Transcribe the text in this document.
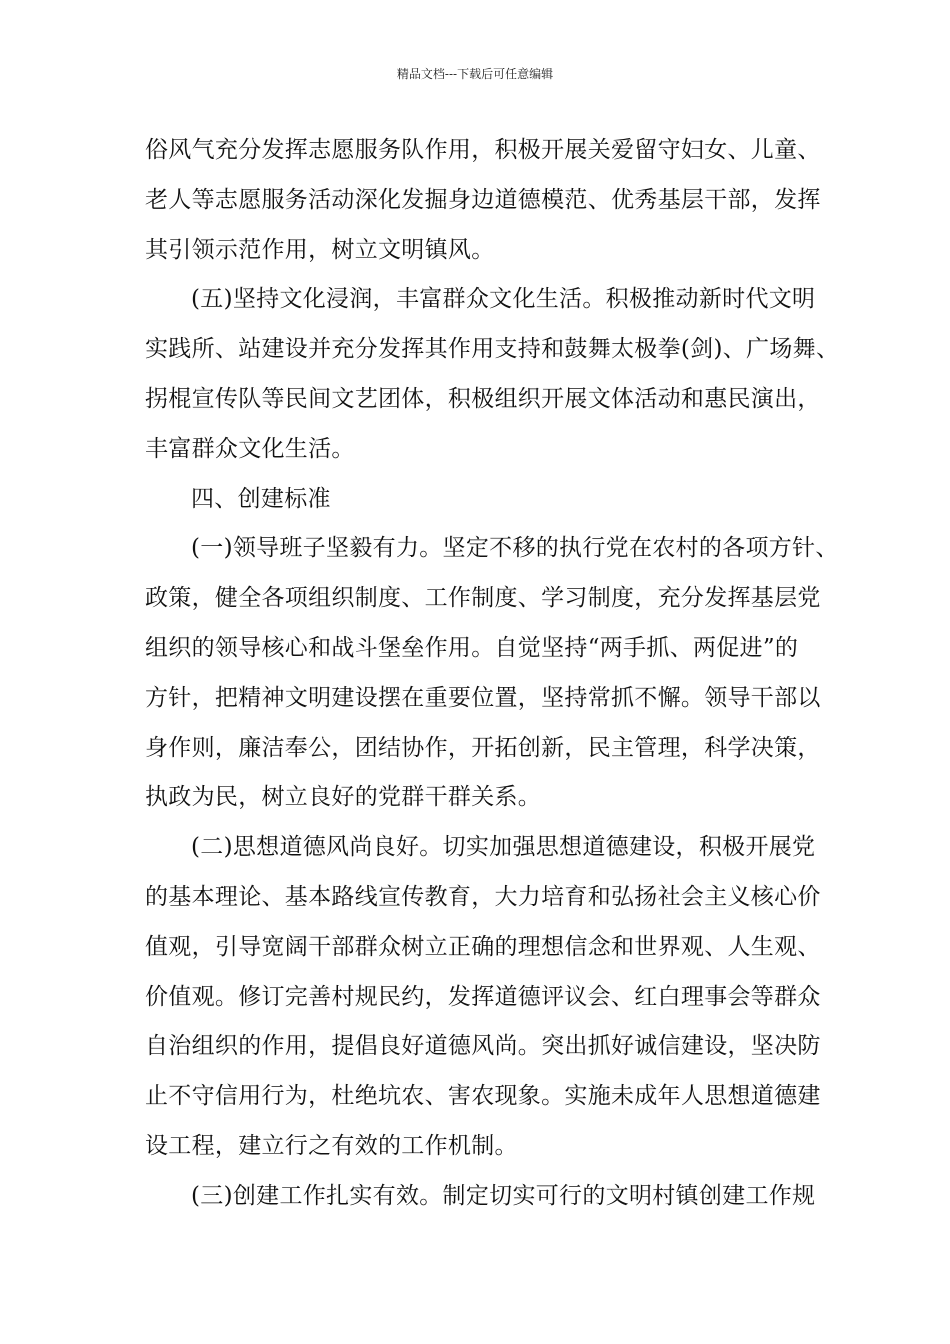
精品文档---下载后可任意编辑
俗风气充分发挥志愿服务队作用，积极开展关爱留守妇女、儿童、
老人等志愿服务活动深化发掘身边道德模范、优秀基层干部，发挥
其引领示范作用，树立文明镇风。
(五)坚持文化浸润，丰富群众文化生活。积极推动新时代文明
实践所、站建设并充分发挥其作用支持和鼓舞太极拳(剑)、广场舞、
拐棍宣传队等民间文艺团体，积极组织开展文体活动和惠民演出，
丰富群众文化生活。
四、创建标准
(一)领导班子坚毅有力。坚定不移的执行党在农村的各项方针、
政策，健全各项组织制度、工作制度、学习制度，充分发挥基层党
组织的领导核心和战斗堡垒作用。自觉坚持“两手抓、两促进”的
方针，把精神文明建设摆在重要位置，坚持常抓不懈。领导干部以
身作则，廉洁奉公，团结协作，开拓创新，民主管理，科学决策，
执政为民，树立良好的党群干群关系。
(二)思想道德风尚良好。切实加强思想道德建设，积极开展党
的基本理论、基本路线宣传教育，大力培育和弘扬社会主义核心价
值观，引导宽阔干部群众树立正确的理想信念和世界观、人生观、
价值观。修订完善村规民约，发挥道德评议会、红白理事会等群众
自治组织的作用，提倡良好道德风尚。突出抓好诚信建设，坚决防
止不守信用行为，杜绝坑农、害农现象。实施未成年人思想道德建
设工程，建立行之有效的工作机制。
(三)创建工作扎实有效。制定切实可行的文明村镇创建工作规
